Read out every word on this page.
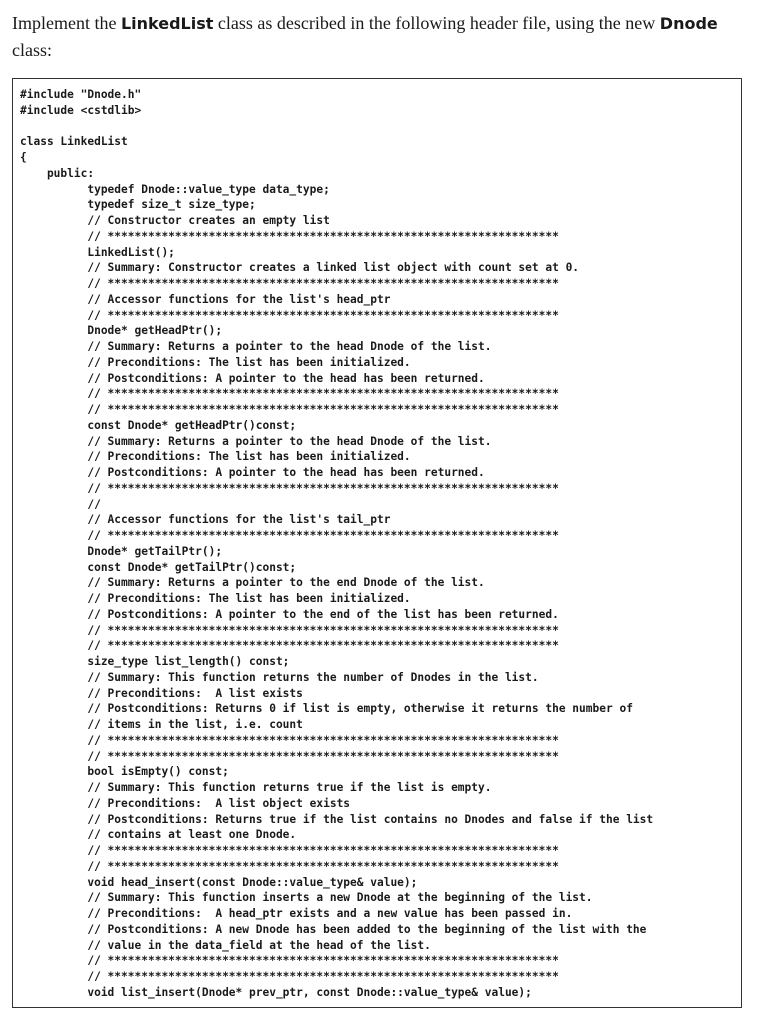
Implement the LinkedList class as described in the following header file, using the new Dnode class:

#include "Dnode.h"
#include <cstdlib>
class LinkedList
{
public:
typedef Dnode::value_type data_type;
typedef size_t size_type;
// Constructor creates an empty list
// *******************************************************************
LinkedList();
// Summary: Constructor creates a linked list object with count set at 0.
// *******************************************************************
// Accessor functions for the list's head_ptr
// *******************************************************************
Dnode* getHeadPtr();
// Summary: Returns a pointer to the head Dnode of the list.
// Preconditions: The list has been initialized.
// Postconditions: A pointer to the head has been returned.
// *******************************************************************
// *******************************************************************
const Dnode* getHeadPtr()const;
// Summary: Returns a pointer to the head Dnode of the list.
// Preconditions: The list has been initialized.
// Postconditions: A pointer to the head has been returned.
// *******************************************************************
//
// Accessor functions for the list's tail_ptr
// *******************************************************************
Dnode* getTailPtr();
const Dnode* getTailPtr()const;
// Summary: Returns a pointer to the end Dnode of the list.
// Preconditions: The list has been initialized.
// Postconditions: A pointer to the end of the list has been returned.
// *******************************************************************
// *******************************************************************
size_type list_length() const;
// Summary: This function returns the number of Dnodes in the list.
// Preconditions:  A list exists
// Postconditions: Returns 0 if list is empty, otherwise it returns the number of
// items in the list, i.e. count
// *******************************************************************
// *******************************************************************
bool isEmpty() const;
// Summary: This function returns true if the list is empty.
// Preconditions:  A list object exists
// Postconditions: Returns true if the list contains no Dnodes and false if the list
// contains at least one Dnode.
// *******************************************************************
// *******************************************************************
void head_insert(const Dnode::value_type& value);
// Summary: This function inserts a new Dnode at the beginning of the list.
// Preconditions:  A head_ptr exists and a new value has been passed in.
// Postconditions: A new Dnode has been added to the beginning of the list with the
// value in the data_field at the head of the list.
// *******************************************************************
// *******************************************************************
void list_insert(Dnode* prev_ptr, const Dnode::value_type& value);
